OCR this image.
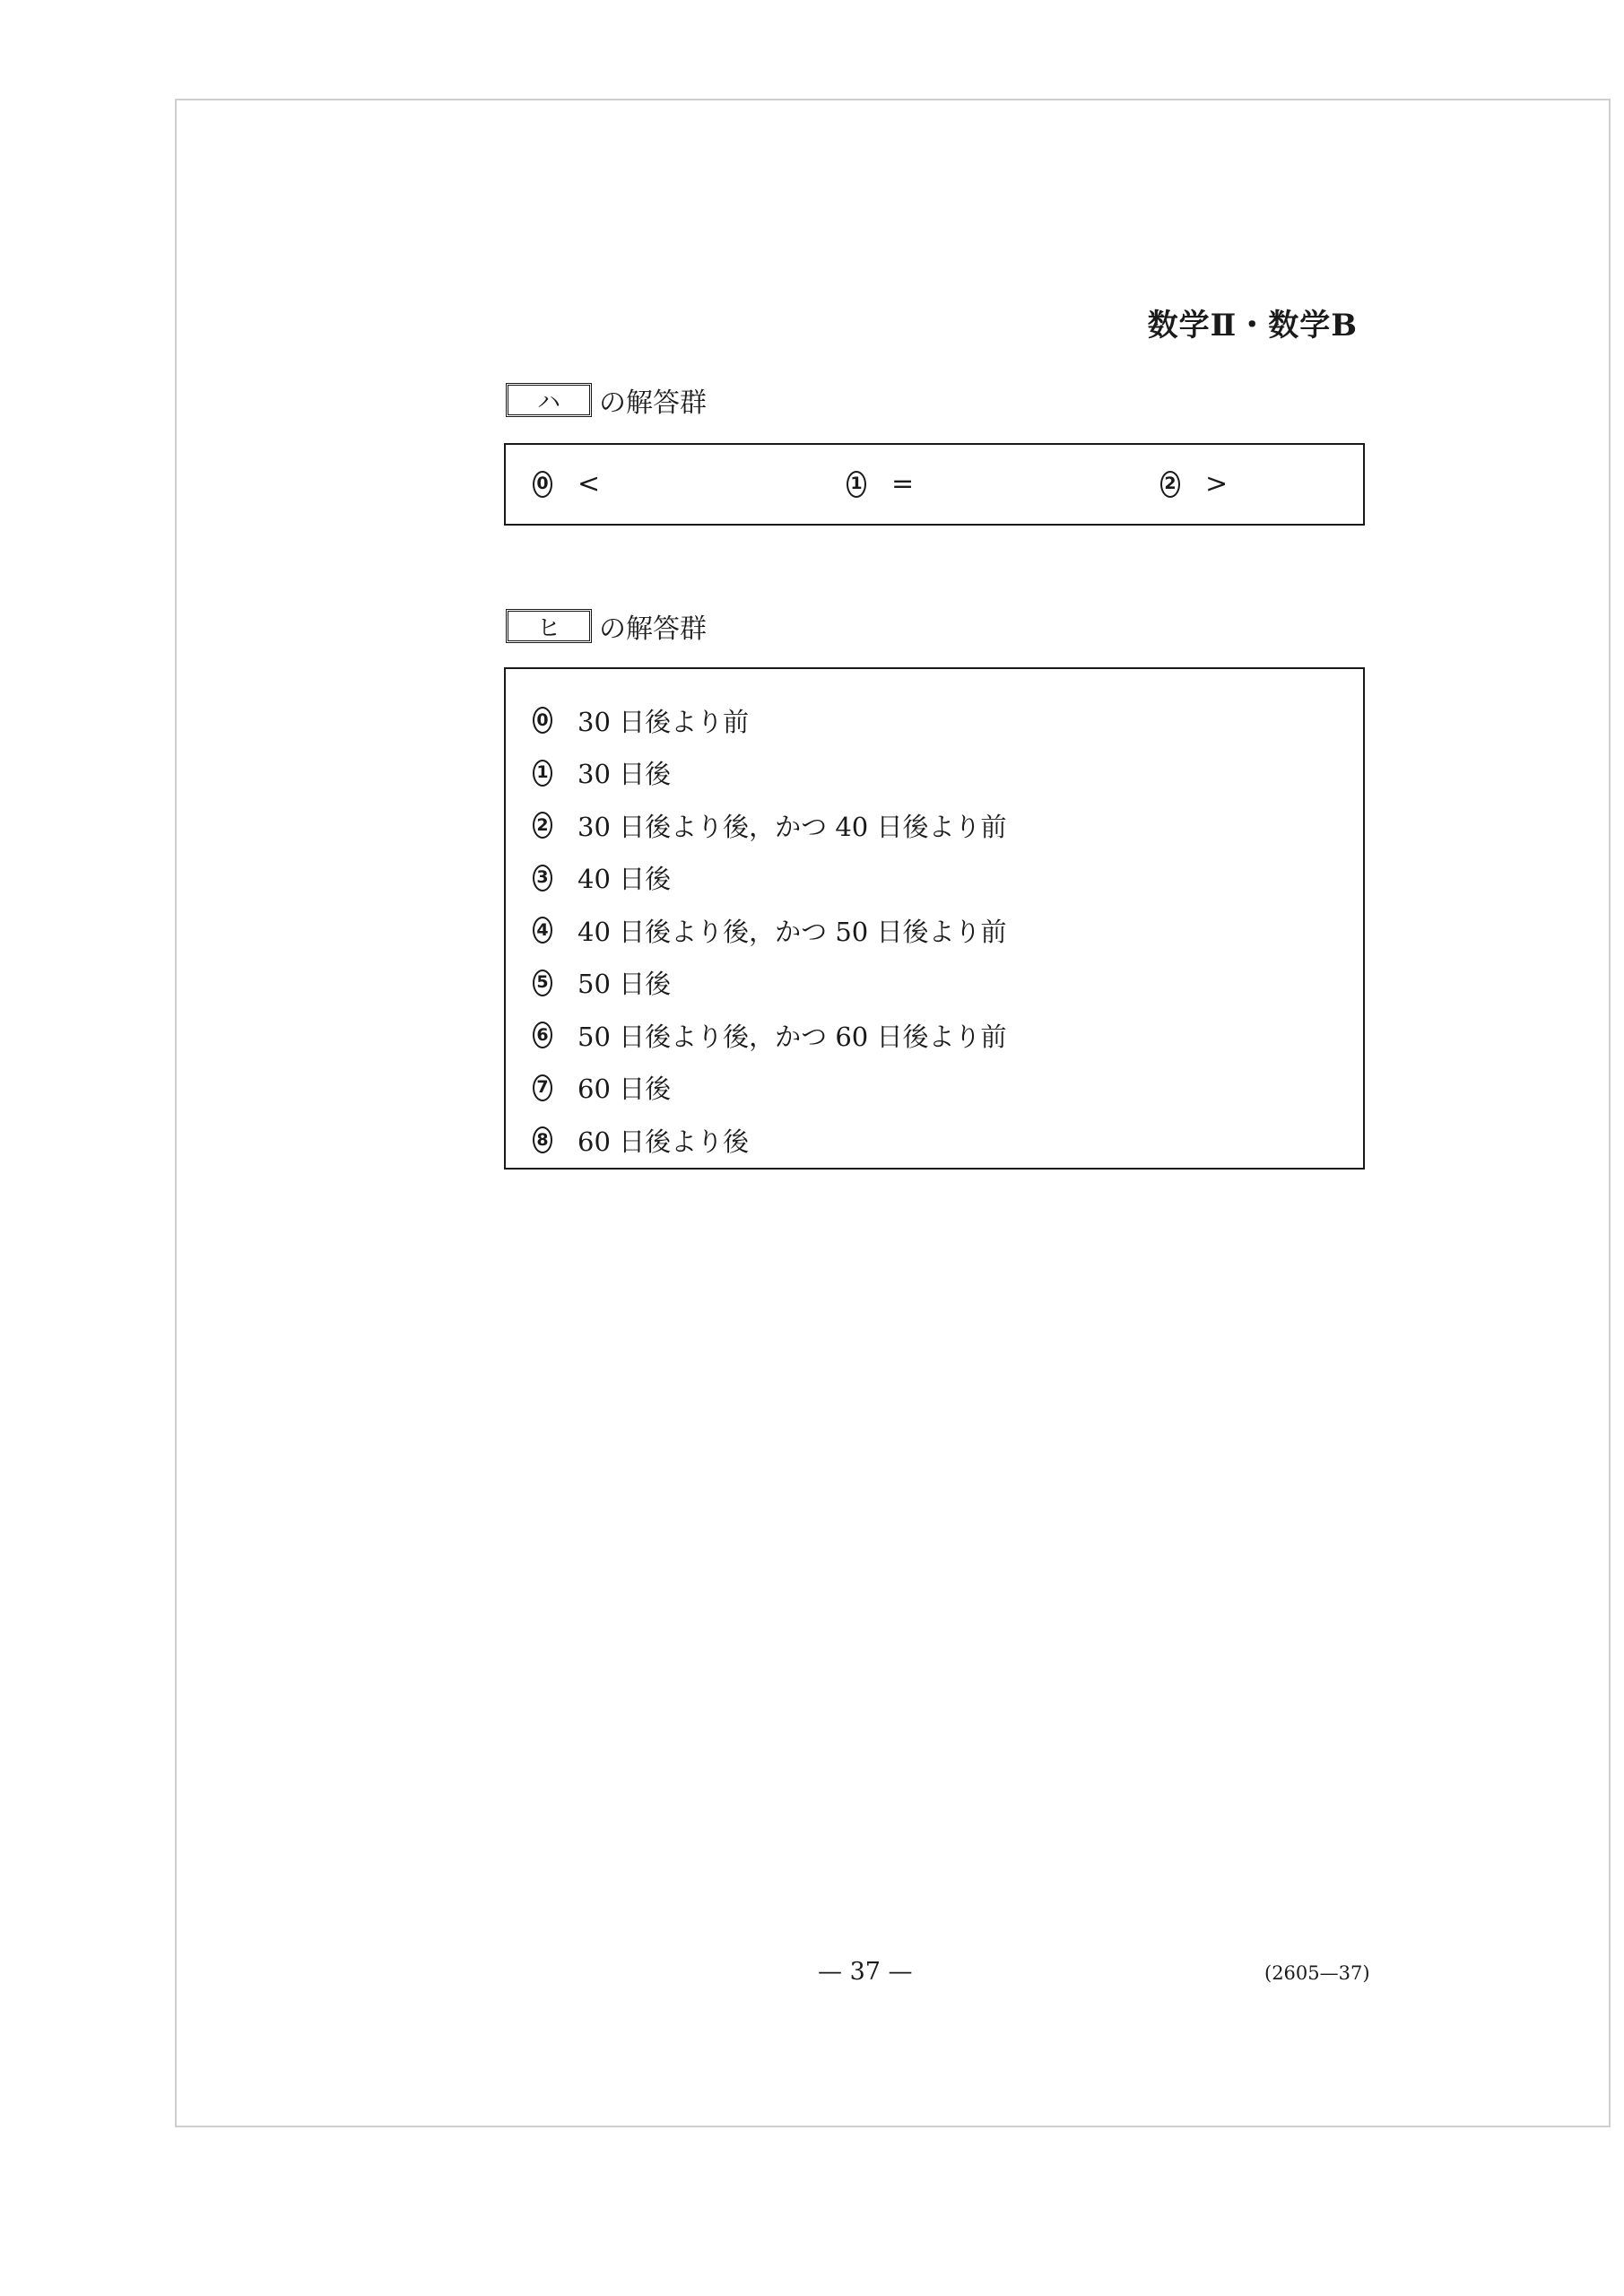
数学Ⅱ・数学B
ハ	の解答群
0 <	1 =	2 >
ヒ	の解答群
0 30 日後より前
1 30 日後
2 30 日後より後，かつ 40 日後より前
3 40 日後
4 40 日後より後，かつ 50 日後より前
5 50 日後
6 50 日後より後，かつ 60 日後より前
7 60 日後
8 60 日後より後
— 37 —	(2605—37)
